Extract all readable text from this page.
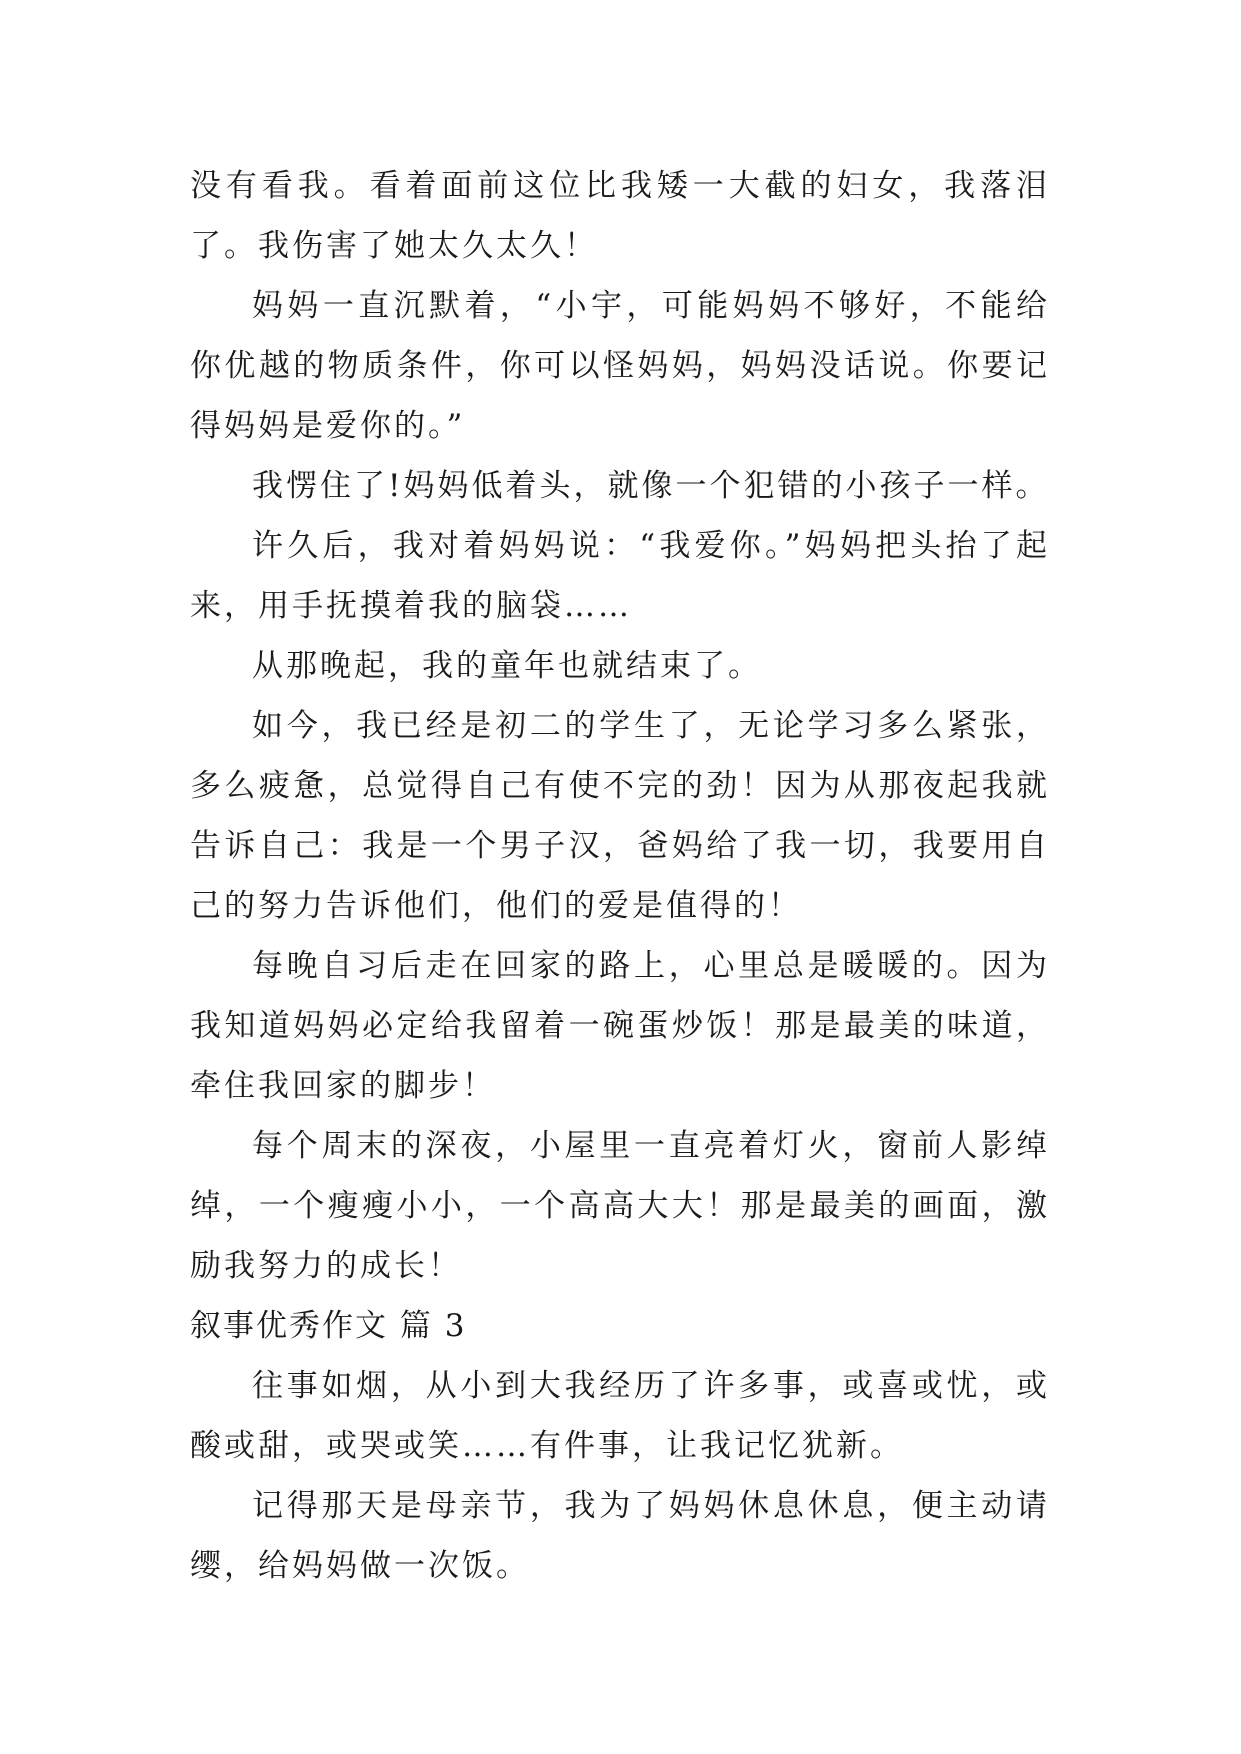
没有看我。看着面前这位比我矮一大截的妇女，我落泪了。我伤害了她太久太久！

妈妈一直沉默着，“小宇，可能妈妈不够好，不能给你优越的物质条件，你可以怪妈妈，妈妈没话说。你要记得妈妈是爱你的。”

我愣住了!妈妈低着头，就像一个犯错的小孩子一样。

许久后，我对着妈妈说：“我爱你。”妈妈把头抬了起来，用手抚摸着我的脑袋……

从那晚起，我的童年也就结束了。

如今，我已经是初二的学生了，无论学习多么紧张，多么疲惫，总觉得自己有使不完的劲！因为从那夜起我就告诉自己：我是一个男子汉，爸妈给了我一切，我要用自己的努力告诉他们，他们的爱是值得的！

每晚自习后走在回家的路上，心里总是暖暖的。因为我知道妈妈必定给我留着一碗蛋炒饭！那是最美的味道，牵住我回家的脚步！

每个周末的深夜，小屋里一直亮着灯火，窗前人影绰绰，一个瘦瘦小小，一个高高大大！那是最美的画面，激励我努力的成长！

叙事优秀作文 篇 3

往事如烟，从小到大我经历了许多事，或喜或忧，或酸或甜，或哭或笑……有件事，让我记忆犹新。

记得那天是母亲节，我为了妈妈休息休息，便主动请缨，给妈妈做一次饭。
